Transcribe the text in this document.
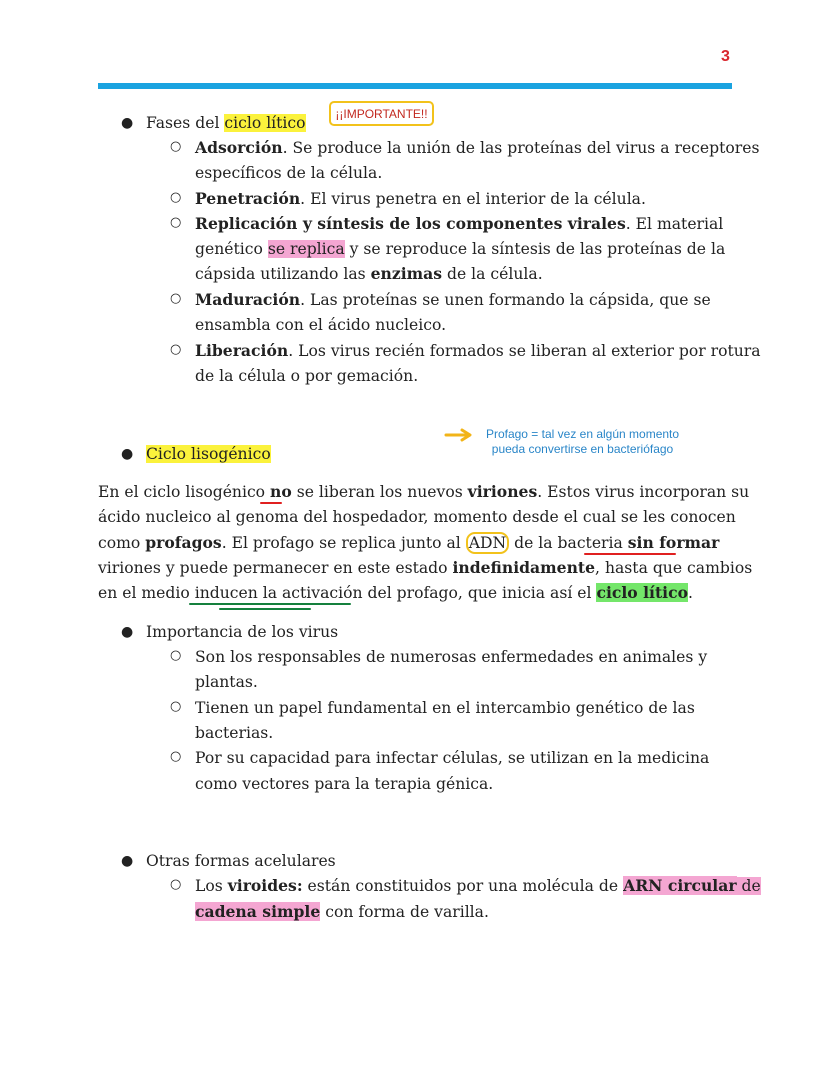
3
● Fases del ciclo lítico	¡¡IMPORTANTE!!
○ Adsorción. Se produce la unión de las proteínas del virus a receptores
específicos de la célula.
○ Penetración. El virus penetra en el interior de la célula.
○ Replicación y síntesis de los componentes virales. El material
genético se replica y se reproduce la síntesis de las proteínas de la
cápsida utilizando las enzimas de la célula.
○ Maduración. Las proteínas se unen formando la cápsida, que se
ensambla con el ácido nucleico.
○ Liberación. Los virus recién formados se liberan al exterior por rotura
de la célula o por gemación.
● Ciclo lisogénico
Profago = tal vez en algún momento
pueda convertirse en bacteriófago
En el ciclo lisogénico no se liberan los nuevos viriones. Estos virus incorporan su
ácido nucleico al genoma del hospedador, momento desde el cual se les conocen
como profagos. El profago se replica junto al ADN de la bacteria sin formar
viriones y puede permanecer en este estado indefinidamente, hasta que cambios
en el medio inducen la activación del profago, que inicia así el ciclo lítico.
● Importancia de los virus
○ Son los responsables de numerosas enfermedades en animales y
plantas.
○ Tienen un papel fundamental en el intercambio genético de las
bacterias.
○ Por su capacidad para infectar células, se utilizan en la medicina
como vectores para la terapia génica.
● Otras formas acelulares
○ Los viroides: están constituidos por una molécula de ARN circular de
cadena simple con forma de varilla.
